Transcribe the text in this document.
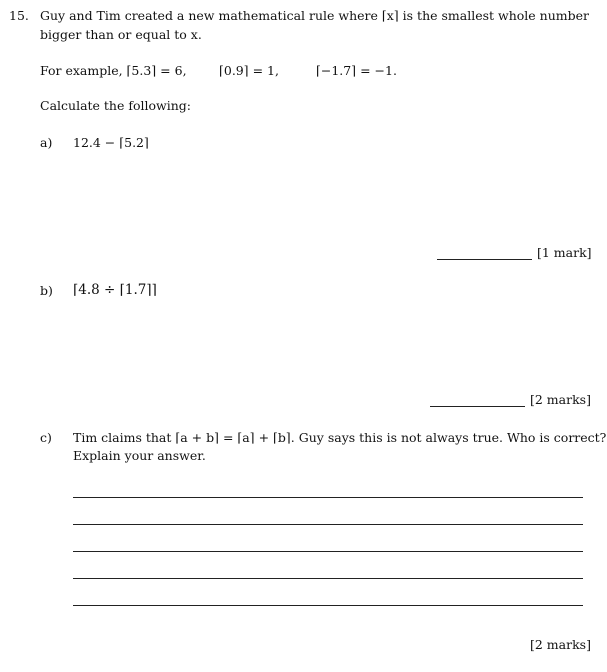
15. Guy and Tim created a new mathematical rule where ⌈x⌉ is the smallest whole number
bigger than or equal to x.
For example, ⌈5.3⌉ = 6,	⌈0.9⌉ = 1,	⌈−1.7⌉ = −1.
Calculate the following:
a) 12.4 − ⌈5.2⌉
[1 mark]
b) ⌈4.8 ÷ ⌈1.7⌉⌉
[2 marks]
c) Tim claims that ⌈a + b⌉ = ⌈a⌉ + ⌈b⌉. Guy says this is not always true. Who is correct?
Explain your answer.
[2 marks]
